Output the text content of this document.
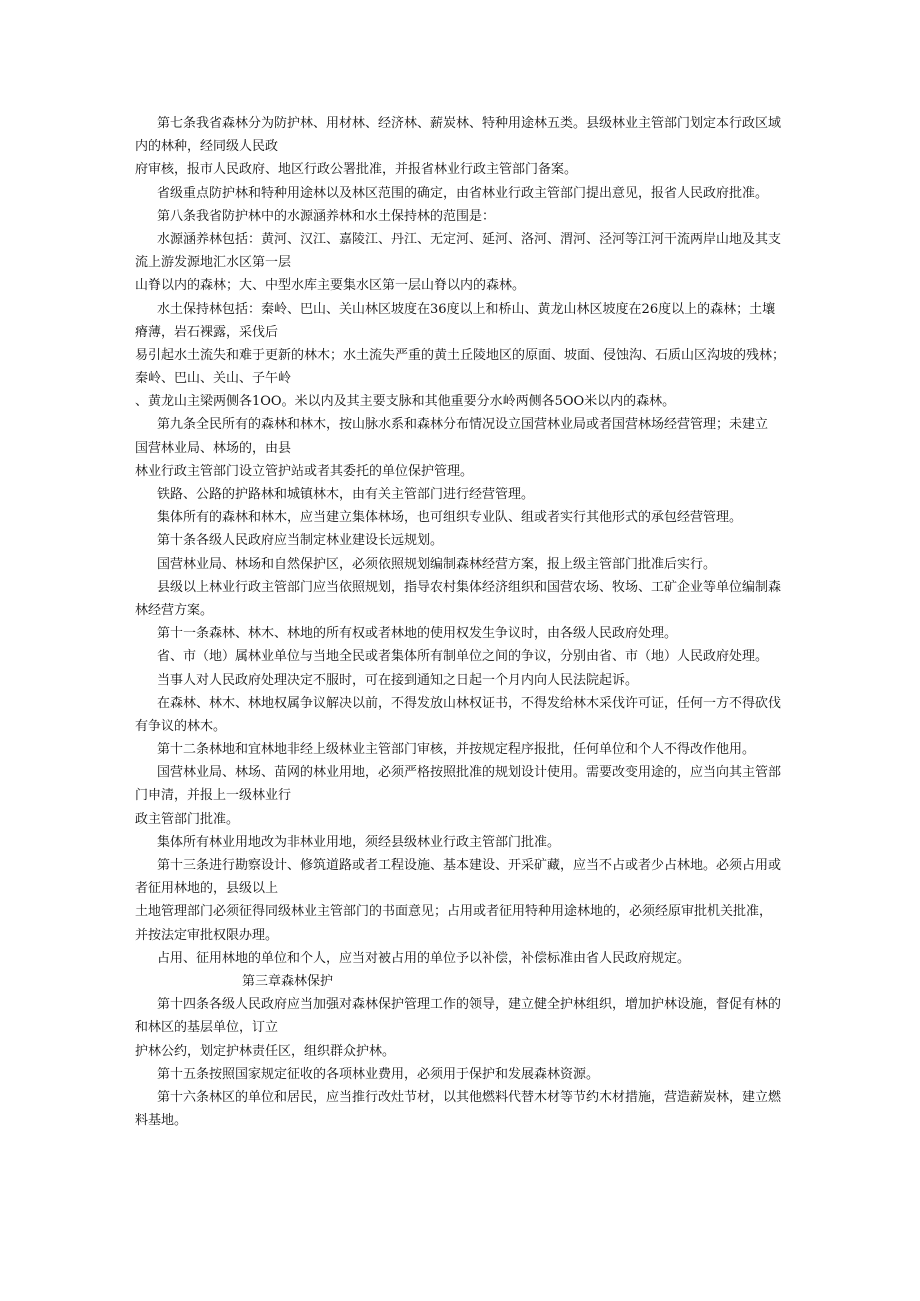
第七条我省森林分为防护林、用材林、经济林、薪炭林、特种用途林五类。县级林业主管部门划定本行政区域
内的林种，经同级人民政
府审核，报市人民政府、地区行政公署批准，并报省林业行政主管部门备案。
省级重点防护林和特种用途林以及林区范围的确定，由省林业行政主管部门提出意见，报省人民政府批准。
第八条我省防护林中的水源涵养林和水土保持林的范围是：
水源涵养林包括：黄河、汉江、嘉陵江、丹江、无定河、延河、洛河、渭河、泾河等江河干流两岸山地及其支
流上游发源地汇水区第一层
山脊以内的森林；大、中型水库主要集水区第一层山脊以内的森林。
水土保持林包括：秦岭、巴山、关山林区坡度在36度以上和桥山、黄龙山林区坡度在26度以上的森林；土壤
瘠薄，岩石裸露，采伐后
易引起水土流失和难于更新的林木；水土流失严重的黄土丘陵地区的原面、坡面、侵蚀沟、石质山区沟坡的残林；
秦岭、巴山、关山、子午岭
、黄龙山主梁两侧各1OO。米以内及其主要支脉和其他重要分水岭两侧各5OO米以内的森林。
第九条全民所有的森林和林木，按山脉水系和森林分布情况设立国营林业局或者国营林场经营管理；未建立
国营林业局、林场的，由县
林业行政主管部门设立管护站或者其委托的单位保护管理。
铁路、公路的护路林和城镇林木，由有关主管部门进行经营管理。
集体所有的森林和林木，应当建立集体林场，也可组织专业队、组或者实行其他形式的承包经营管理。
第十条各级人民政府应当制定林业建设长远规划。
国营林业局、林场和自然保护区，必须依照规划编制森林经营方案，报上级主管部门批准后实行。
县级以上林业行政主管部门应当依照规划，指导农村集体经济组织和国营农场、牧场、工矿企业等单位编制森
林经营方案。
第十一条森林、林木、林地的所有权或者林地的使用权发生争议时，由各级人民政府处理。
省、市（地）属林业单位与当地全民或者集体所有制单位之间的争议，分别由省、市（地）人民政府处理。
当事人对人民政府处理决定不服时，可在接到通知之日起一个月内向人民法院起诉。
在森林、林木、林地权属争议解决以前，不得发放山林权证书，不得发给林木采伐许可证，任何一方不得砍伐
有争议的林木。
第十二条林地和宜林地非经上级林业主管部门审核，并按规定程序报批，任何单位和个人不得改作他用。
国营林业局、林场、苗网的林业用地，必须严格按照批准的规划设计使用。需要改变用途的，应当向其主管部
门申清，并报上一级林业行
政主管部门批准。
集体所有林业用地改为非林业用地，须经县级林业行政主管部门批准。
第十三条进行勘察设计、修筑道路或者工程设施、基本建设、开采矿藏，应当不占或者少占林地。必须占用或
者征用林地的，县级以上
土地管理部门必须征得同级林业主管部门的书面意见；占用或者征用特种用途林地的，必须经原审批机关批准，
并按法定审批权限办理。
占用、征用林地的单位和个人，应当对被占用的单位予以补偿，补偿标准由省人民政府规定。
第三章森林保护
第十四条各级人民政府应当加强对森林保护管理工作的领导，建立健全护林组织，增加护林设施，督促有林的
和林区的基层单位，订立
护林公约，划定护林责任区，组织群众护林。
第十五条按照国家规定征收的各项林业费用，必须用于保护和发展森林资源。
第十六条林区的单位和居民，应当推行改灶节材，以其他燃料代替木材等节约木材措施，营造薪炭林，建立燃
料基地。
